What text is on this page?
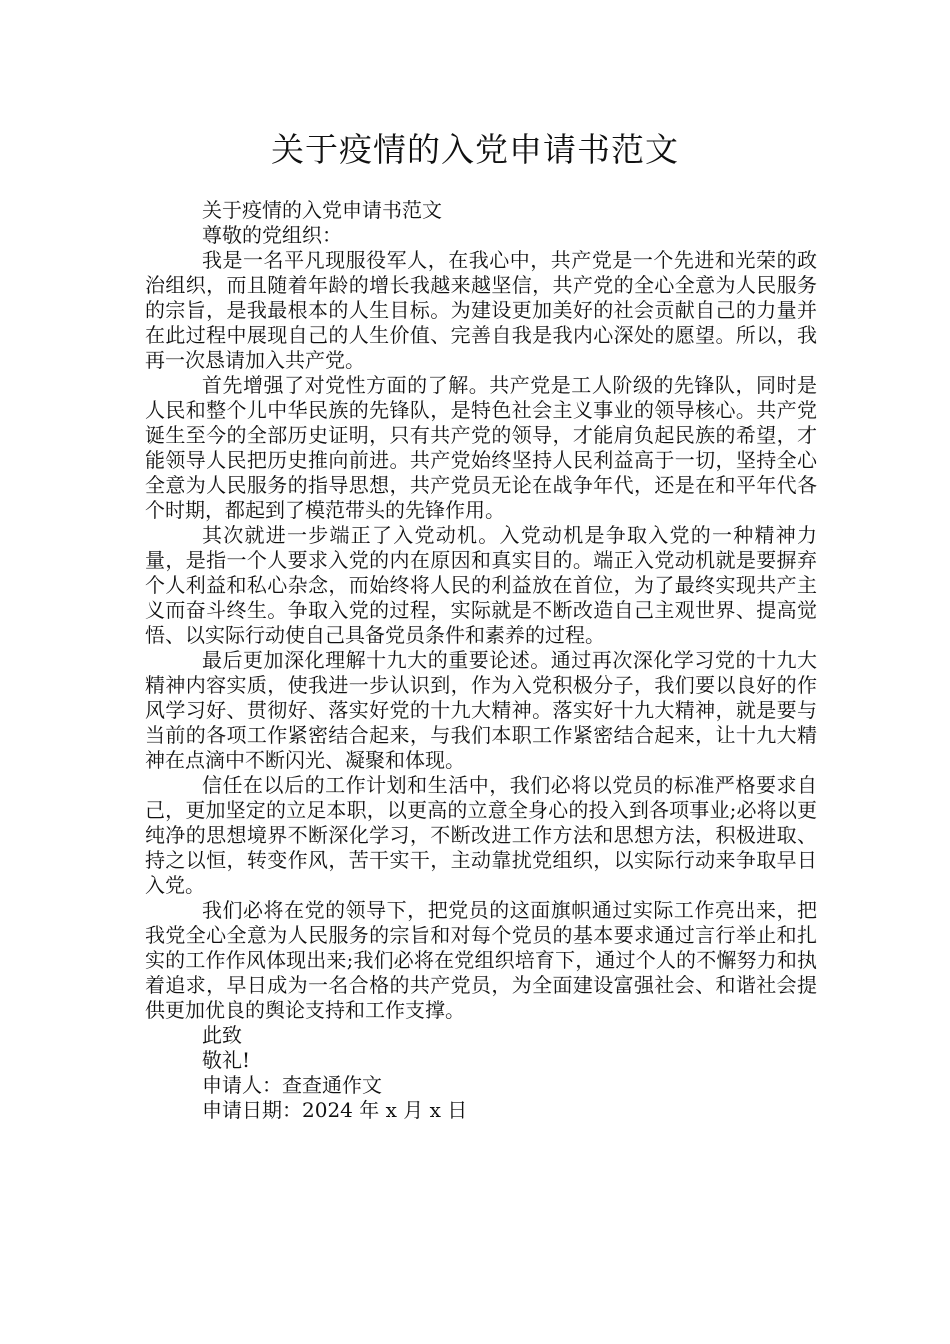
关于疫情的入党申请书范文

关于疫情的入党申请书范文

尊敬的党组织：

我是一名平凡现服役军人，在我心中，共产党是一个先进和光荣的政治组织，而且随着年龄的增长我越来越坚信，共产党的全心全意为人民服务的宗旨，是我最根本的人生目标。为建设更加美好的社会贡献自己的力量并在此过程中展现自己的人生价值、完善自我是我内心深处的愿望。所以，我再一次恳请加入共产党。

首先增强了对党性方面的了解。共产党是工人阶级的先锋队，同时是人民和整个儿中华民族的先锋队，是特色社会主义事业的领导核心。共产党诞生至今的全部历史证明，只有共产党的领导，才能肩负起民族的希望，才能领导人民把历史推向前进。共产党始终坚持人民利益高于一切，坚持全心全意为人民服务的指导思想，共产党员无论在战争年代，还是在和平年代各个时期，都起到了模范带头的先锋作用。

其次就进一步端正了入党动机。入党动机是争取入党的一种精神力量，是指一个人要求入党的内在原因和真实目的。端正入党动机就是要摒弃个人利益和私心杂念，而始终将人民的利益放在首位，为了最终实现共产主义而奋斗终生。争取入党的过程，实际就是不断改造自己主观世界、提高觉悟、以实际行动使自己具备党员条件和素养的过程。

最后更加深化理解十九大的重要论述。通过再次深化学习党的十九大精神内容实质，使我进一步认识到，作为入党积极分子，我们要以良好的作风学习好、贯彻好、落实好党的十九大精神。落实好十九大精神，就是要与当前的各项工作紧密结合起来，与我们本职工作紧密结合起来，让十九大精神在点滴中不断闪光、凝聚和体现。

信任在以后的工作计划和生活中，我们必将以党员的标准严格要求自己，更加坚定的立足本职，以更高的立意全身心的投入到各项事业;必将以更纯净的思想境界不断深化学习，不断改进工作方法和思想方法，积极进取、持之以恒，转变作风，苦干实干，主动靠扰党组织，以实际行动来争取早日入党。

我们必将在党的领导下，把党员的这面旗帜通过实际工作亮出来，把我党全心全意为人民服务的宗旨和对每个党员的基本要求通过言行举止和扎实的工作作风体现出来;我们必将在党组织培育下，通过个人的不懈努力和执着追求，早日成为一名合格的共产党员，为全面建设富强社会、和谐社会提供更加优良的舆论支持和工作支撑。

此致

敬礼!

申请人：查查通作文

申请日期：2024 年 x 月 x 日
